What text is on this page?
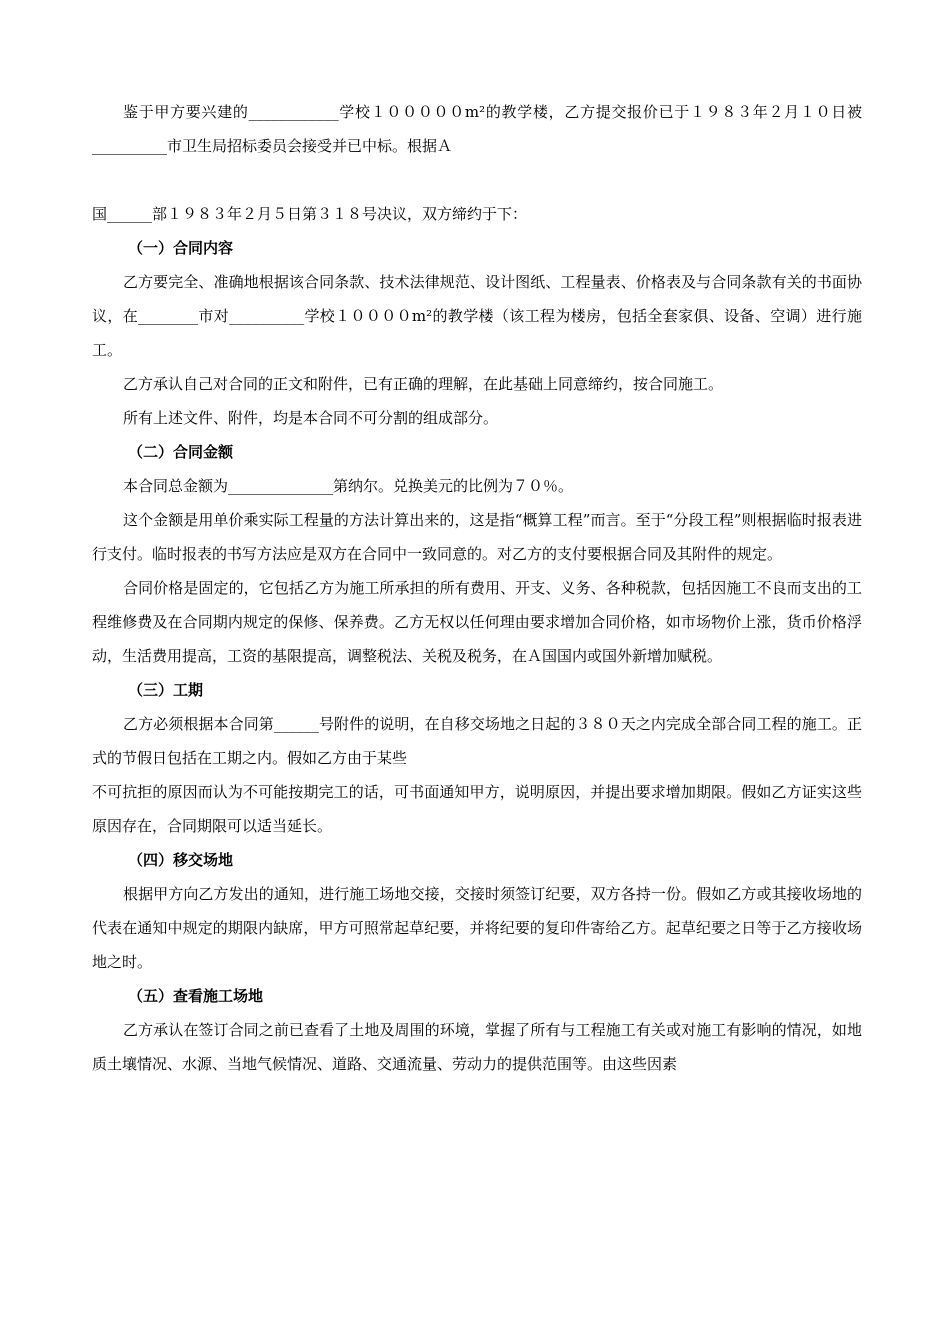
鉴于甲方要兴建的____________学校１０００００m²的教学楼，乙方提交报价已于１９８３年２月１０日被__________市卫生局招标委员会接受并已中标。根据Ａ

国______部１９８３年２月５日第３１８号决议，双方缔约于下：

（一）合同内容

乙方要完全、准确地根据该合同条款、技术法律规范、设计图纸、工程量表、价格表及与合同条款有关的书面协议，在________市对__________学校１００００m²的教学楼（该工程为楼房，包括全套家俱、设备、空调）进行施工。

乙方承认自己对合同的正文和附件，已有正确的理解，在此基础上同意缔约，按合同施工。

所有上述文件、附件，均是本合同不可分割的组成部分。

（二）合同金额

本合同总金额为______________第纳尔。兑换美元的比例为７０％。

这个金额是用单价乘实际工程量的方法计算出来的，这是指“概算工程”而言。至于“分段工程”则根据临时报表进行支付。临时报表的书写方法应是双方在合同中一致同意的。对乙方的支付要根据合同及其附件的规定。

合同价格是固定的，它包括乙方为施工所承担的所有费用、开支、义务、各种税款，包括因施工不良而支出的工程维修费及在合同期内规定的保修、保养费。乙方无权以任何理由要求增加合同价格，如市场物价上涨，货币价格浮动，生活费用提高，工资的基限提高，调整税法、关税及税务，在Ａ国国内或国外新增加赋税。

（三）工期

乙方必须根据本合同第______号附件的说明，在自移交场地之日起的３８０天之内完成全部合同工程的施工。正式的节假日包括在工期之内。假如乙方由于某些

不可抗拒的原因而认为不可能按期完工的话，可书面通知甲方，说明原因，并提出要求增加期限。假如乙方证实这些原因存在，合同期限可以适当延长。

（四）移交场地

根据甲方向乙方发出的通知，进行施工场地交接，交接时须签订纪要，双方各持一份。假如乙方或其接收场地的代表在通知中规定的期限内缺席，甲方可照常起草纪要，并将纪要的复印件寄给乙方。起草纪要之日等于乙方接收场地之时。

（五）查看施工场地

乙方承认在签订合同之前已查看了土地及周围的环境，掌握了所有与工程施工有关或对施工有影响的情况，如地质土壤情况、水源、当地气候情况、道路、交通流量、劳动力的提供范围等。由这些因素
